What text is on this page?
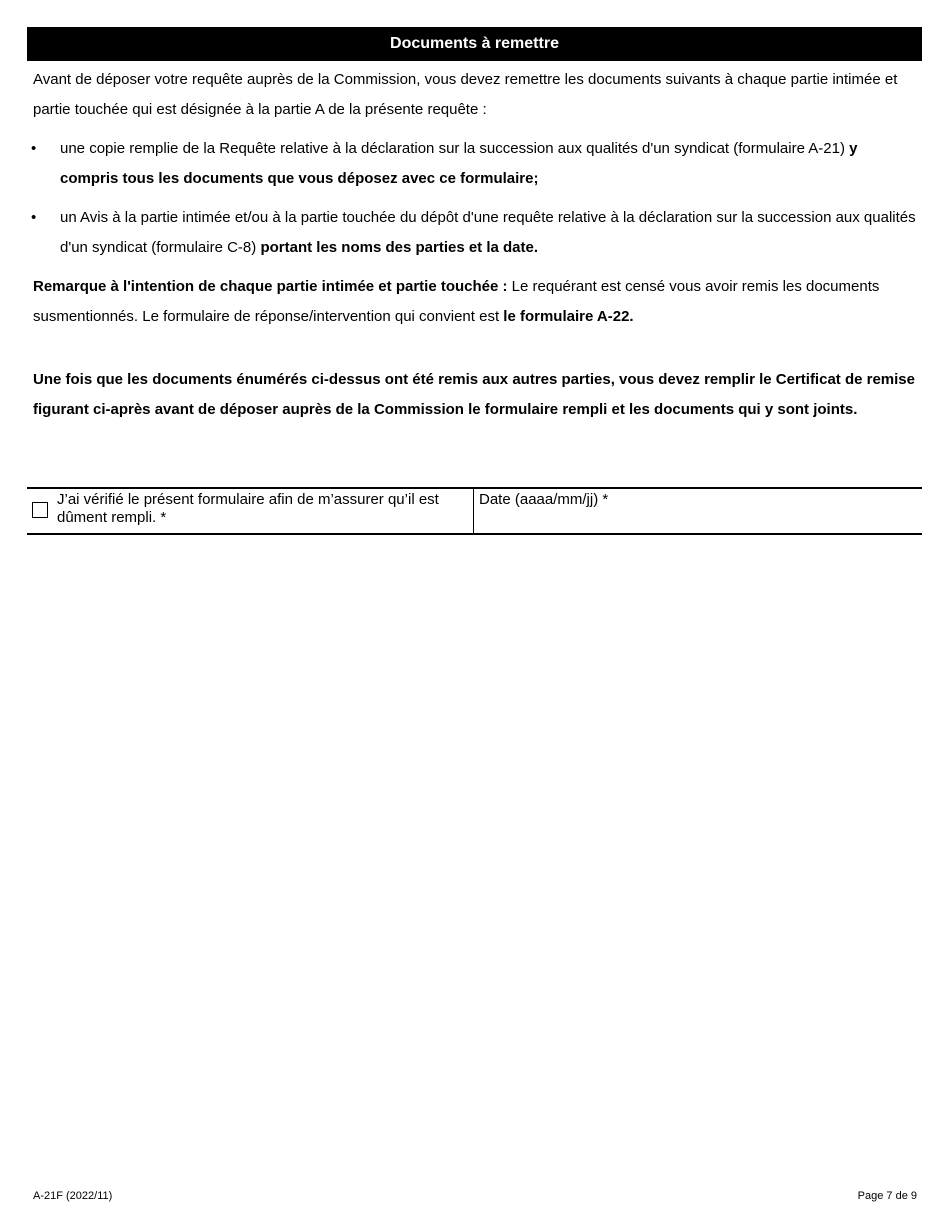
Documents à remettre

Avant de déposer votre requête auprès de la Commission, vous devez remettre les documents suivants à chaque partie intimée et partie touchée qui est désignée à la partie A de la présente requête :

• une copie remplie de la Requête relative à la déclaration sur la succession aux qualités d'un syndicat (formulaire A-21) y compris tous les documents que vous déposez avec ce formulaire;

• un Avis à la partie intimée et/ou à la partie touchée du dépôt d'une requête relative à la déclaration sur la succession aux qualités d'un syndicat (formulaire C-8) portant les noms des parties et la date.

Remarque à l'intention de chaque partie intimée et partie touchée : Le requérant est censé vous avoir remis les documents susmentionnés. Le formulaire de réponse/intervention qui convient est le formulaire A-22.

Une fois que les documents énumérés ci-dessus ont été remis aux autres parties, vous devez remplir le Certificat de remise figurant ci-après avant de déposer auprès de la Commission le formulaire rempli et les documents qui y sont joints.

J’ai vérifié le présent formulaire afin de m’assurer qu’il est dûment rempli. *
Date (aaaa/mm/jj) *
A-21F (2022/11)	Page 7 de 9
